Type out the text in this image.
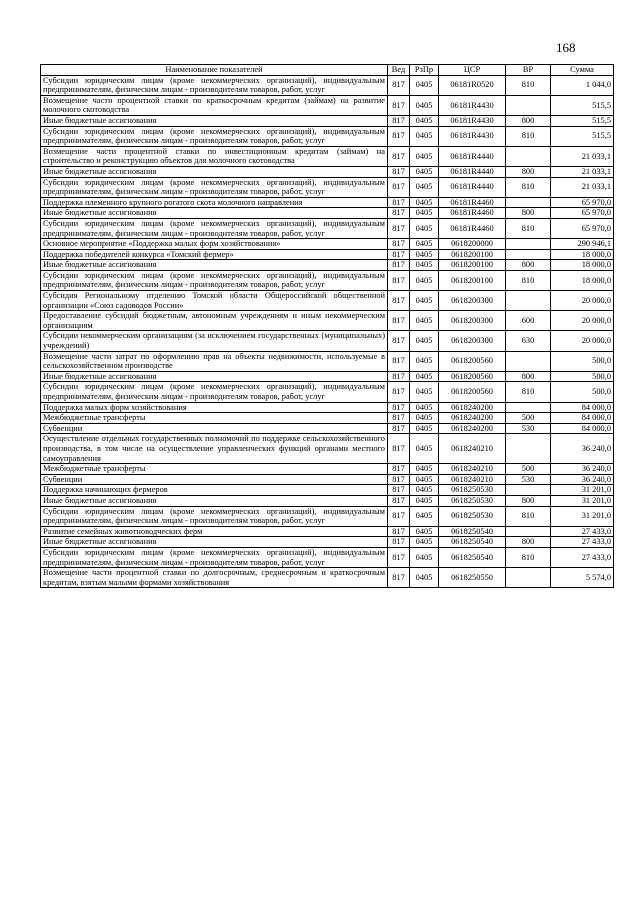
168
Наименование показателей	Вед	РзПр	ЦСР	ВР	Сумма
Субсидии юридическим лицам (кроме некоммерческих организаций), индивидуальным предпринимателям, физическим лицам - производителям товаров, работ, услуг	817	0405	06181R0520	810	1 044,0
Возмещение части процентной ставки по краткосрочным кредитам (займам) на развитие молочного скотоводства	817	0405	06181R4430		515,5
Иные бюджетные ассигнования	817	0405	06181R4430	800	515,5
Субсидии юридическим лицам (кроме некоммерческих организаций), индивидуальным предпринимателям, физическим лицам - производителям товаров, работ, услуг	817	0405	06181R4430	810	515,5
Возмещение части процентной ставки по инвестиционным кредитам (займам) на строительство и реконструкцию объектов для молочного скотоводства	817	0405	06181R4440		21 033,1
Иные бюджетные ассигнования	817	0405	06181R4440	800	21 033,1
Субсидии юридическим лицам (кроме некоммерческих организаций), индивидуальным предпринимателям, физическим лицам - производителям товаров, работ, услуг	817	0405	06181R4440	810	21 033,1
Поддержка племенного крупного рогатого скота молочного направления	817	0405	06181R4460		65 970,0
Иные бюджетные ассигнования	817	0405	06181R4460	800	65 970,0
Субсидии юридическим лицам (кроме некоммерческих организаций), индивидуальным предпринимателям, физическим лицам - производителям товаров, работ, услуг	817	0405	06181R4460	810	65 970,0
Основное мероприятие «Поддержка малых форм хозяйствования»	817	0405	0618200000		290 946,1
Поддержка победителей конкурса «Томский фермер»	817	0405	0618200100		18 000,0
Иные бюджетные ассигнования	817	0405	0618200100	800	18 000,0
Субсидии юридическим лицам (кроме некоммерческих организаций), индивидуальным предпринимателям, физическим лицам - производителям товаров, работ, услуг	817	0405	0618200100	810	18 000,0
Субсидия Региональному отделению Томской области Общероссийской общественной организации «Союз садоводов России»	817	0405	0618200300		20 000,0
Предоставление субсидий бюджетным, автономным учреждениям и иным некоммерческим организациям	817	0405	0618200300	600	20 000,0
Субсидии некоммерческим организациям (за исключением государственных (муниципальных) учреждений)	817	0405	0618200300	630	20 000,0
Возмещение части затрат по оформлению прав на объекты недвижимости, используемые в сельскохозяйственном производстве	817	0405	0618200560		500,0
Иные бюджетные ассигнования	817	0405	0618200560	800	500,0
Субсидии юридическим лицам (кроме некоммерческих организаций), индивидуальным предпринимателям, физическим лицам - производителям товаров, работ, услуг	817	0405	0618200560	810	500,0
Поддержка малых форм хозяйствования	817	0405	0618240200		84 000,0
Межбюджетные трансферты	817	0405	0618240200	500	84 000,0
Субвенции	817	0405	0618240200	530	84 000,0
Осуществление отдельных государственных полномочий по поддержке сельскохозяйственного производства, в том числе на осуществление управленческих функций органами местного самоуправления	817	0405	0618240210		36 240,0
Межбюджетные трансферты	817	0405	0618240210	500	36 240,0
Субвенции	817	0405	0618240210	530	36 240,0
Поддержка начинающих фермеров	817	0405	0618250530		31 201,0
Иные бюджетные ассигнования	817	0405	0618250530	800	31 201,0
Субсидии юридическим лицам (кроме некоммерческих организаций), индивидуальным предпринимателям, физическим лицам - производителям товаров, работ, услуг	817	0405	0618250530	810	31 201,0
Развитие семейных животноводческих ферм	817	0405	0618250540		27 433,0
Иные бюджетные ассигнования	817	0405	0618250540	800	27 433,0
Субсидии юридическим лицам (кроме некоммерческих организаций), индивидуальным предпринимателям, физическим лицам - производителям товаров, работ, услуг	817	0405	0618250540	810	27 433,0
Возмещение части процентной ставки по долгосрочным, среднесрочным и краткосрочным кредитам, взятым малыми формами хозяйствования	817	0405	0618250550		5 574,0
